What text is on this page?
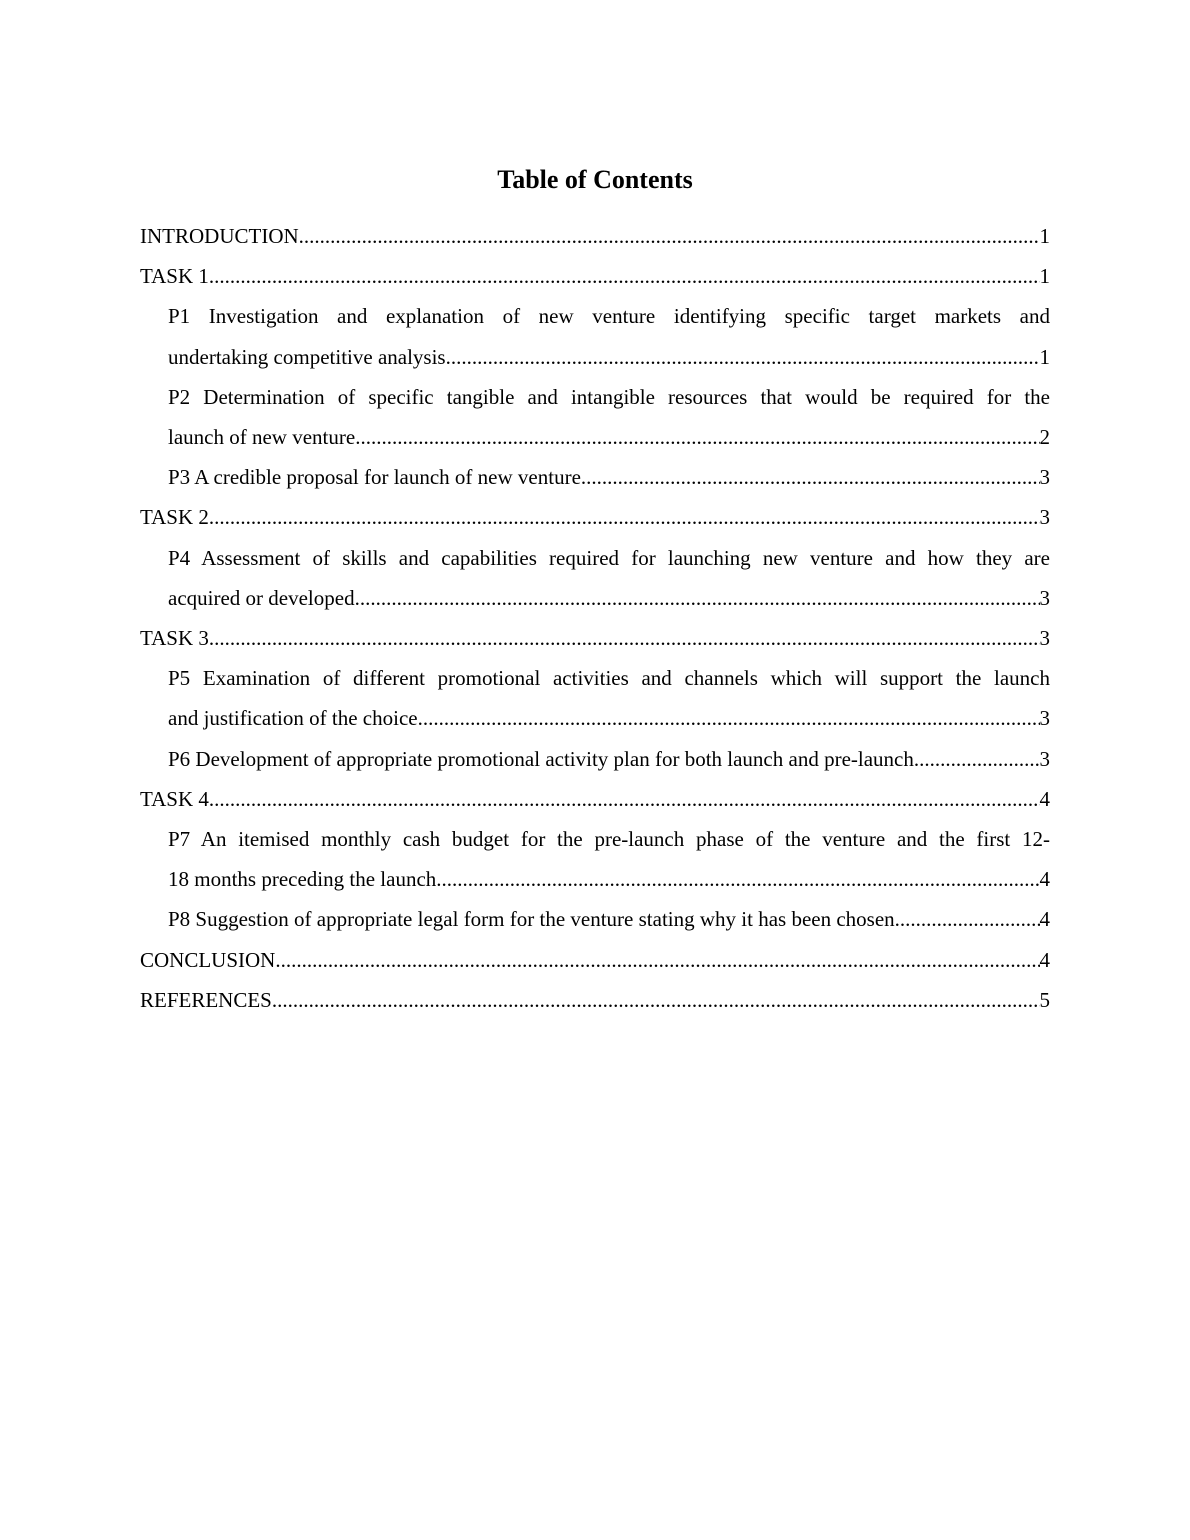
Table of Contents
INTRODUCTION .....	1
TASK 1 .....	1
P1 Investigation and explanation of new venture identifying specific target markets and
undertaking competitive analysis .....	1
P2 Determination of specific tangible and intangible resources that would be required for the
launch of new venture .....	2
P3 A credible proposal for launch of new venture .....	3
TASK 2 .....	3
P4 Assessment of skills and capabilities required for launching new venture and how they are
acquired or developed .....	3
TASK 3 .....	3
P5 Examination of different promotional activities and channels which will support the launch
and justification of the choice .....	3
P6 Development of appropriate promotional activity plan for both launch and pre-launch .....	3
TASK 4 .....	4
P7 An itemised monthly cash budget for the pre-launch phase of the venture and the first 12-
18 months preceding the launch .....	4
P8 Suggestion of appropriate legal form for the venture stating why it has been chosen .....	4
CONCLUSION .....	4
REFERENCES .....	5
